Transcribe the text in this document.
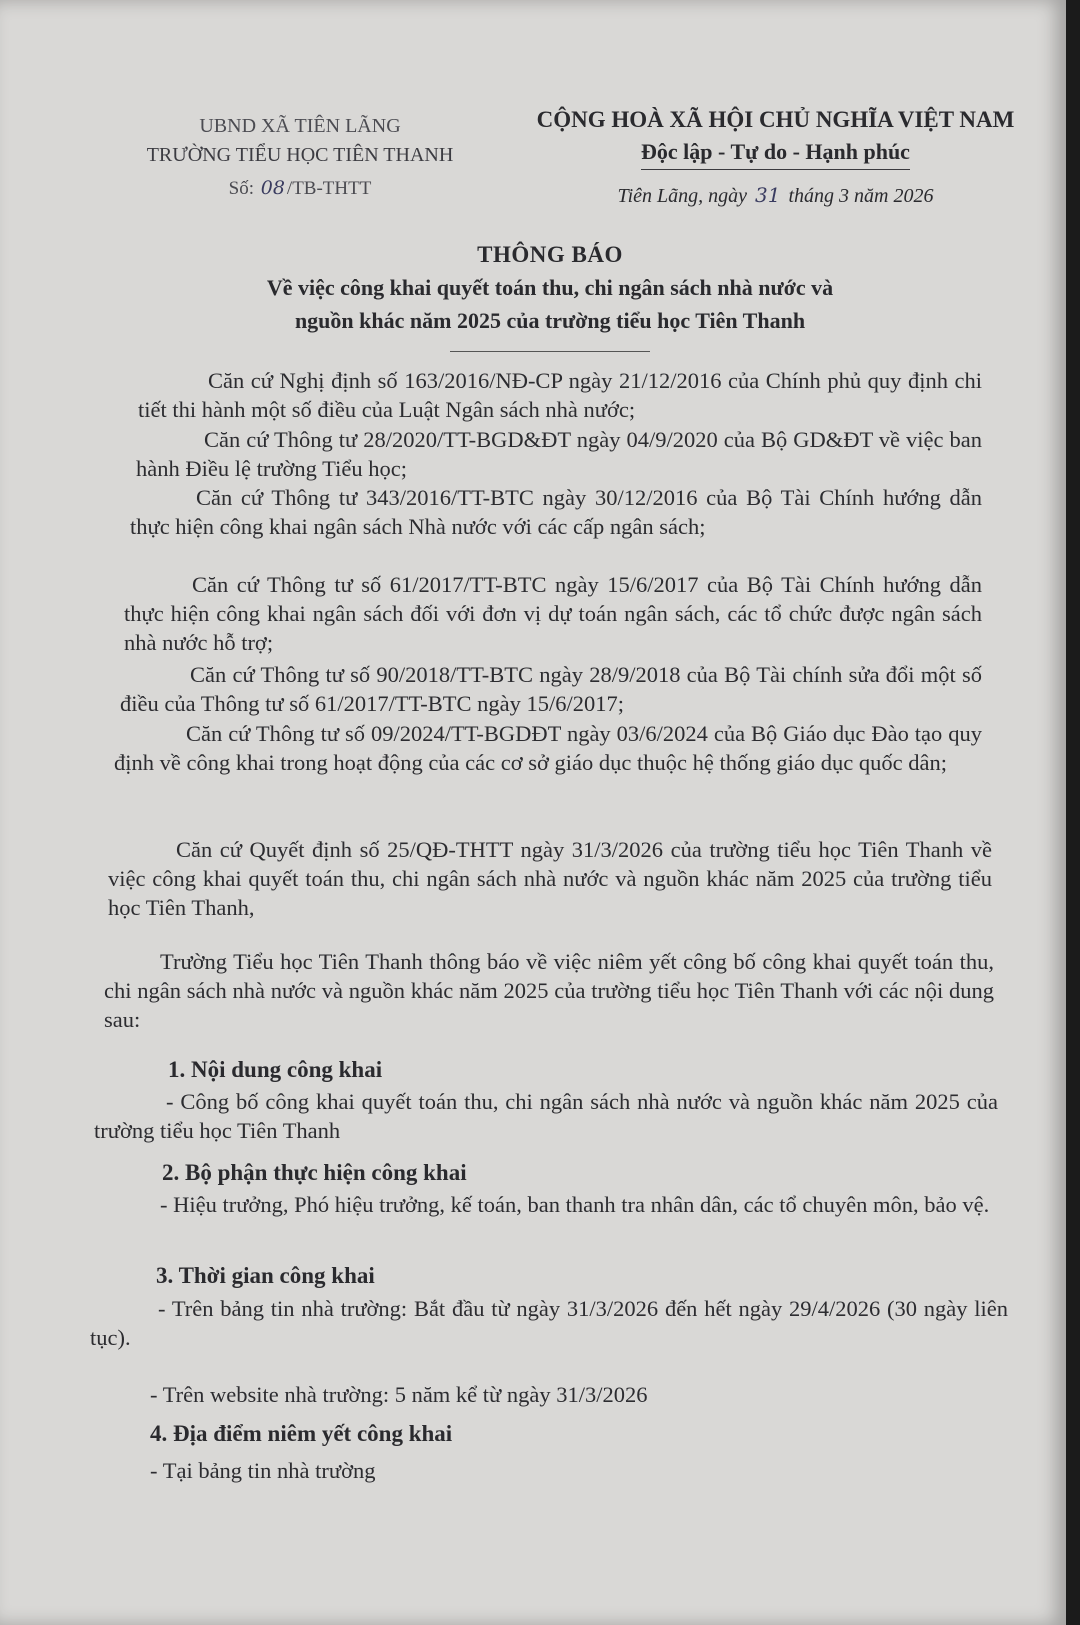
UBND XÃ TIÊN LÃNG
TRƯỜNG TIỂU HỌC TIÊN THANH
Số: 08 /TB-THTT
CỘNG HOÀ XÃ HỘI CHỦ NGHĨA VIỆT NAM
Độc lập - Tự do - Hạnh phúc
Tiên Lãng, ngày 31 tháng 3 năm 2026
THÔNG BÁO
Về việc công khai quyết toán thu, chi ngân sách nhà nước và
nguồn khác năm 2025 của trường tiểu học Tiên Thanh
Căn cứ Nghị định số 163/2016/NĐ-CP ngày 21/12/2016 của Chính phủ quy định chi tiết thi hành một số điều của Luật Ngân sách nhà nước;
Căn cứ Thông tư 28/2020/TT-BGD&ĐT ngày 04/9/2020 của Bộ GD&ĐT về việc ban hành Điều lệ trường Tiểu học;
Căn cứ Thông tư 343/2016/TT-BTC ngày 30/12/2016 của Bộ Tài Chính hướng dẫn thực hiện công khai ngân sách Nhà nước với các cấp ngân sách;
Căn cứ Thông tư số 61/2017/TT-BTC ngày 15/6/2017 của Bộ Tài Chính hướng dẫn thực hiện công khai ngân sách đối với đơn vị dự toán ngân sách, các tổ chức được ngân sách nhà nước hỗ trợ;
Căn cứ Thông tư số 90/2018/TT-BTC ngày 28/9/2018 của Bộ Tài chính sửa đổi một số điều của Thông tư số 61/2017/TT-BTC ngày 15/6/2017;
Căn cứ Thông tư số 09/2024/TT-BGDĐT ngày 03/6/2024 của Bộ Giáo dục Đào tạo quy định về công khai trong hoạt động của các cơ sở giáo dục thuộc hệ thống giáo dục quốc dân;
Căn cứ Quyết định số 25/QĐ-THTT ngày 31/3/2026 của trường tiểu học Tiên Thanh về việc công khai quyết toán thu, chi ngân sách nhà nước và nguồn khác năm 2025 của trường tiểu học Tiên Thanh,
Trường Tiểu học Tiên Thanh thông báo về việc niêm yết công bố công khai quyết toán thu, chi ngân sách nhà nước và nguồn khác năm 2025 của trường tiểu học Tiên Thanh với các nội dung sau:
1. Nội dung công khai
- Công bố công khai quyết toán thu, chi ngân sách nhà nước và nguồn khác năm 2025 của trường tiểu học Tiên Thanh
2. Bộ phận thực hiện công khai
- Hiệu trưởng, Phó hiệu trưởng, kế toán, ban thanh tra nhân dân, các tổ chuyên môn, bảo vệ.
3. Thời gian công khai
- Trên bảng tin nhà trường: Bắt đầu từ ngày 31/3/2026 đến hết ngày 29/4/2026 (30 ngày liên tục).
- Trên website nhà trường: 5 năm kể từ ngày 31/3/2026
4. Địa điểm niêm yết công khai
- Tại bảng tin nhà trường
